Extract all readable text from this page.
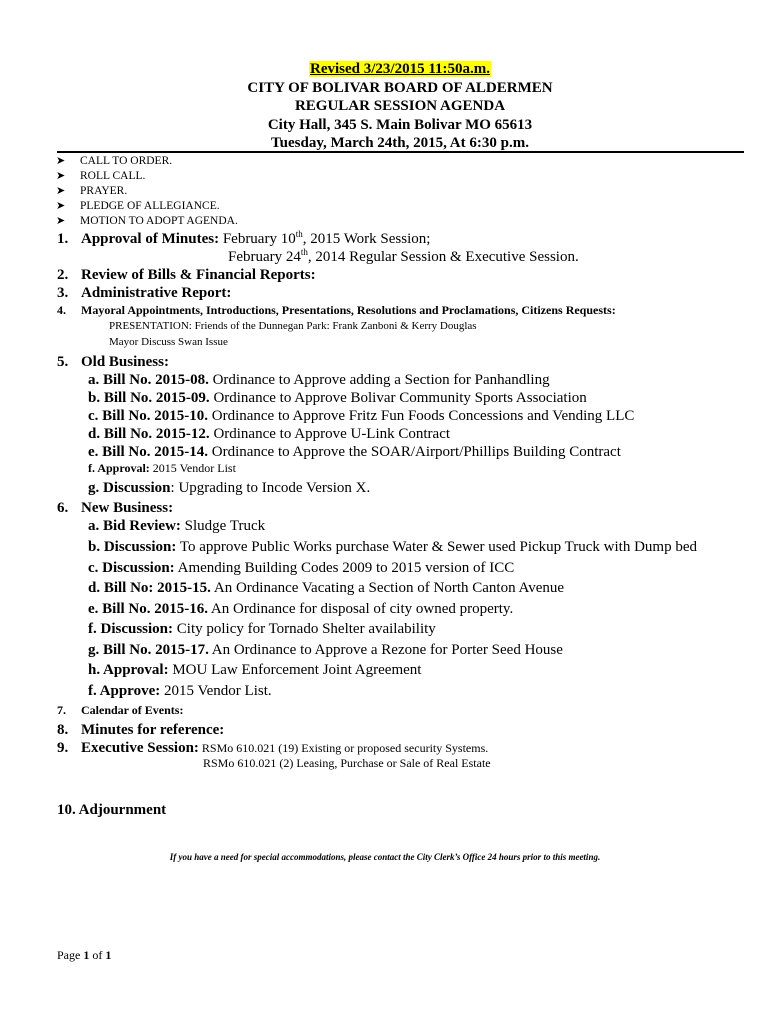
Revised 3/23/2015 11:50a.m.
CITY OF BOLIVAR BOARD OF ALDERMEN
REGULAR SESSION AGENDA
City Hall, 345 S. Main Bolivar MO 65613
Tuesday, March 24th, 2015, At 6:30 p.m.
➤ CALL TO ORDER.
➤ ROLL CALL.
➤ PRAYER.
➤ PLEDGE OF ALLEGIANCE.
➤ MOTION TO ADOPT AGENDA.
1. Approval of Minutes: February 10th, 2015 Work Session;
February 24th, 2014 Regular Session & Executive Session.
2. Review of Bills & Financial Reports:
3. Administrative Report:
4. Mayoral Appointments, Introductions, Presentations, Resolutions and Proclamations, Citizens Requests:
PRESENTATION: Friends of the Dunnegan Park: Frank Zanboni & Kerry Douglas
Mayor Discuss Swan Issue
5. Old Business:
a. Bill No. 2015-08. Ordinance to Approve adding a Section for Panhandling
b. Bill No. 2015-09. Ordinance to Approve Bolivar Community Sports Association
c. Bill No. 2015-10. Ordinance to Approve Fritz Fun Foods Concessions and Vending LLC
d. Bill No. 2015-12. Ordinance to Approve U-Link Contract
e. Bill No. 2015-14. Ordinance to Approve the SOAR/Airport/Phillips Building Contract
f. Approval: 2015 Vendor List
g. Discussion: Upgrading to Incode Version X.
6. New Business:
a. Bid Review: Sludge Truck
b. Discussion: To approve Public Works purchase Water & Sewer used Pickup Truck with Dump bed
c. Discussion: Amending Building Codes 2009 to 2015 version of ICC
d. Bill No: 2015-15. An Ordinance Vacating a Section of North Canton Avenue
e. Bill No. 2015-16. An Ordinance for disposal of city owned property.
f. Discussion: City policy for Tornado Shelter availability
g. Bill No. 2015-17. An Ordinance to Approve a Rezone for Porter Seed House
h. Approval: MOU Law Enforcement Joint Agreement
f. Approve: 2015 Vendor List.
7. Calendar of Events:
8. Minutes for reference:
9. Executive Session: RSMo 610.021 (19) Existing or proposed security Systems.
RSMo 610.021 (2) Leasing, Purchase or Sale of Real Estate
10. Adjournment
If you have a need for special accommodations, please contact the City Clerk’s Office 24 hours prior to this meeting.
Page 1 of 1
